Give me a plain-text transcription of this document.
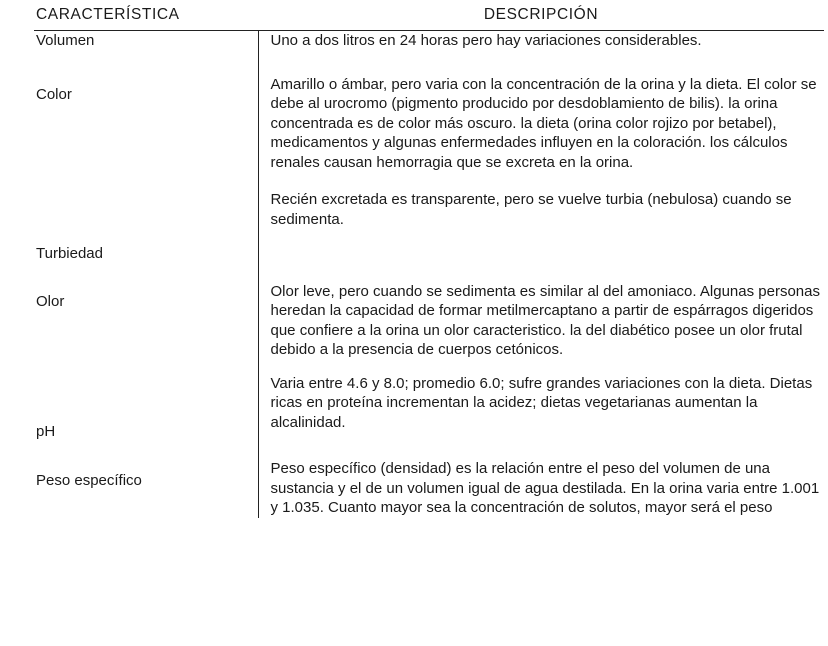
CARACTERÍSTICA	DESCRIPCIÓN

Volumen	Uno a dos litros en 24 horas pero hay variaciones considerables.

Color	Amarillo o ámbar, pero varia con la concentración de la orina y la dieta. El color se debe al urocromo (pigmento producido por desdoblamiento de bilis). la orina concentrada es de color más oscuro. la dieta (orina color rojizo por betabel), medicamentos y algunas enfermedades influyen en la coloración. los cálculos renales causan hemorragia que se excreta en la orina.

Turbiedad	Recién excretada es transparente, pero se vuelve turbia (nebulosa) cuando se sedimenta.

Olor	Olor leve, pero cuando se sedimenta es similar al del amoniaco. Algunas personas heredan la capacidad de formar metilmercaptano a partir de espárragos digeridos que confiere a la orina un olor caracteristico. la del diabético posee un olor frutal debido a la presencia de cuerpos cetónicos.

pH	Varia entre 4.6 y 8.0; promedio 6.0; sufre grandes variaciones con la dieta. Dietas ricas en proteína incrementan la acidez; dietas vegetarianas aumentan la alcalinidad.

Peso específico	Peso específico (densidad) es la relación entre el peso del volumen de una sustancia y el de un volumen igual de agua destilada. En la orina varia entre 1.001 y 1.035. Cuanto mayor sea la concentración de solutos, mayor será el peso
